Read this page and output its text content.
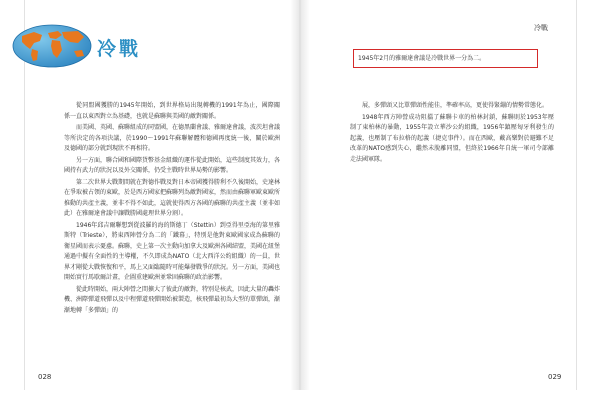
冷戰

從同盟國獲勝的1945年開始，到世界格局出現轉機的1991年為止，國際關係一直以東西對立為基礎，也就是蘇聯與美國的敵對關係。

而美國、英國、蘇聯組成的同盟國，在德黑蘭會議、雅爾達會議，波茨坦會議等所決定的各項決議，於1990～1991年蘇聯解體和德國再度統一後，關於歐洲及德國的部分就到現狀不再相符。

另一方面，聯合國和國際貨幣基金組織的運作從此開始，這些制度其效力，各國持有武力的狀況以及外交關係，仍受主戰時世界局勢的影響。

第二次世界大戰期間就在對德作戰及對日本帝國獲得勝利不久後開始，史達林在爭取被占領的東歐，於是西方國家把蘇聯列為敵對國家，然而由蘇聯軍歐東歐所推動的共產主義，並非不得不如此，這就使得西方各國的蘇聯的共產主義（並非如此）在雅爾達會議中讓戰勝國處理世界分割）。

1946年邱吉爾聯想到從波羅的海的斯德丁（Stettin）到亞得里亞海的第里雅斯特（Trieste），將東西陣營分為二的「鐵幕」，特別是他對東歐國家成為蘇聯的衛星國而表示憂慮。蘇聯，史上第一次主動向加拿大及歐洲各國結盟，美國在紐堡通過中擬有全面性的主導權，不久即成為NATO（北大西洋公約組織）的一員，世界才剛從大戰恢復和平，馬上又面臨隨時可能爆發戰爭的狀況。另一方面，美國也開始實行馬歇爾計畫，企圖重建歐洲並鞏固蘇聯的政治影響。

從此時開始，兩大陣營之間擴大了彼此的敵對，特別是核武，因此大量的轟炸機、洲際彈道飛彈以及中程彈道飛彈開始被製造，核飛彈最初為大型的單彈頭，漸漸地轉「多彈頭」的

028
冷戰
1945年2月的雅爾達會議是冷戰世界一分為二。

展，多彈頭又比單彈頭性能佳，準確率高，更使得緊繃的情勢常態化。

1948年西方陣營成功阻擋了蘇聯卡車的柏林封鎖，蘇聯則於1953年壓制了東柏林的暴動，1955年設立華沙公約組織，1956年鎮壓匈牙利發生的起義，也壓制了布拉格的起義（捷克事件）。而在西歐，戴高樂對於避難不足改革的NATO感到失心，繼然未脫離同盟，但終於1966年自統一軍司令部離走法國軍隊。

029
